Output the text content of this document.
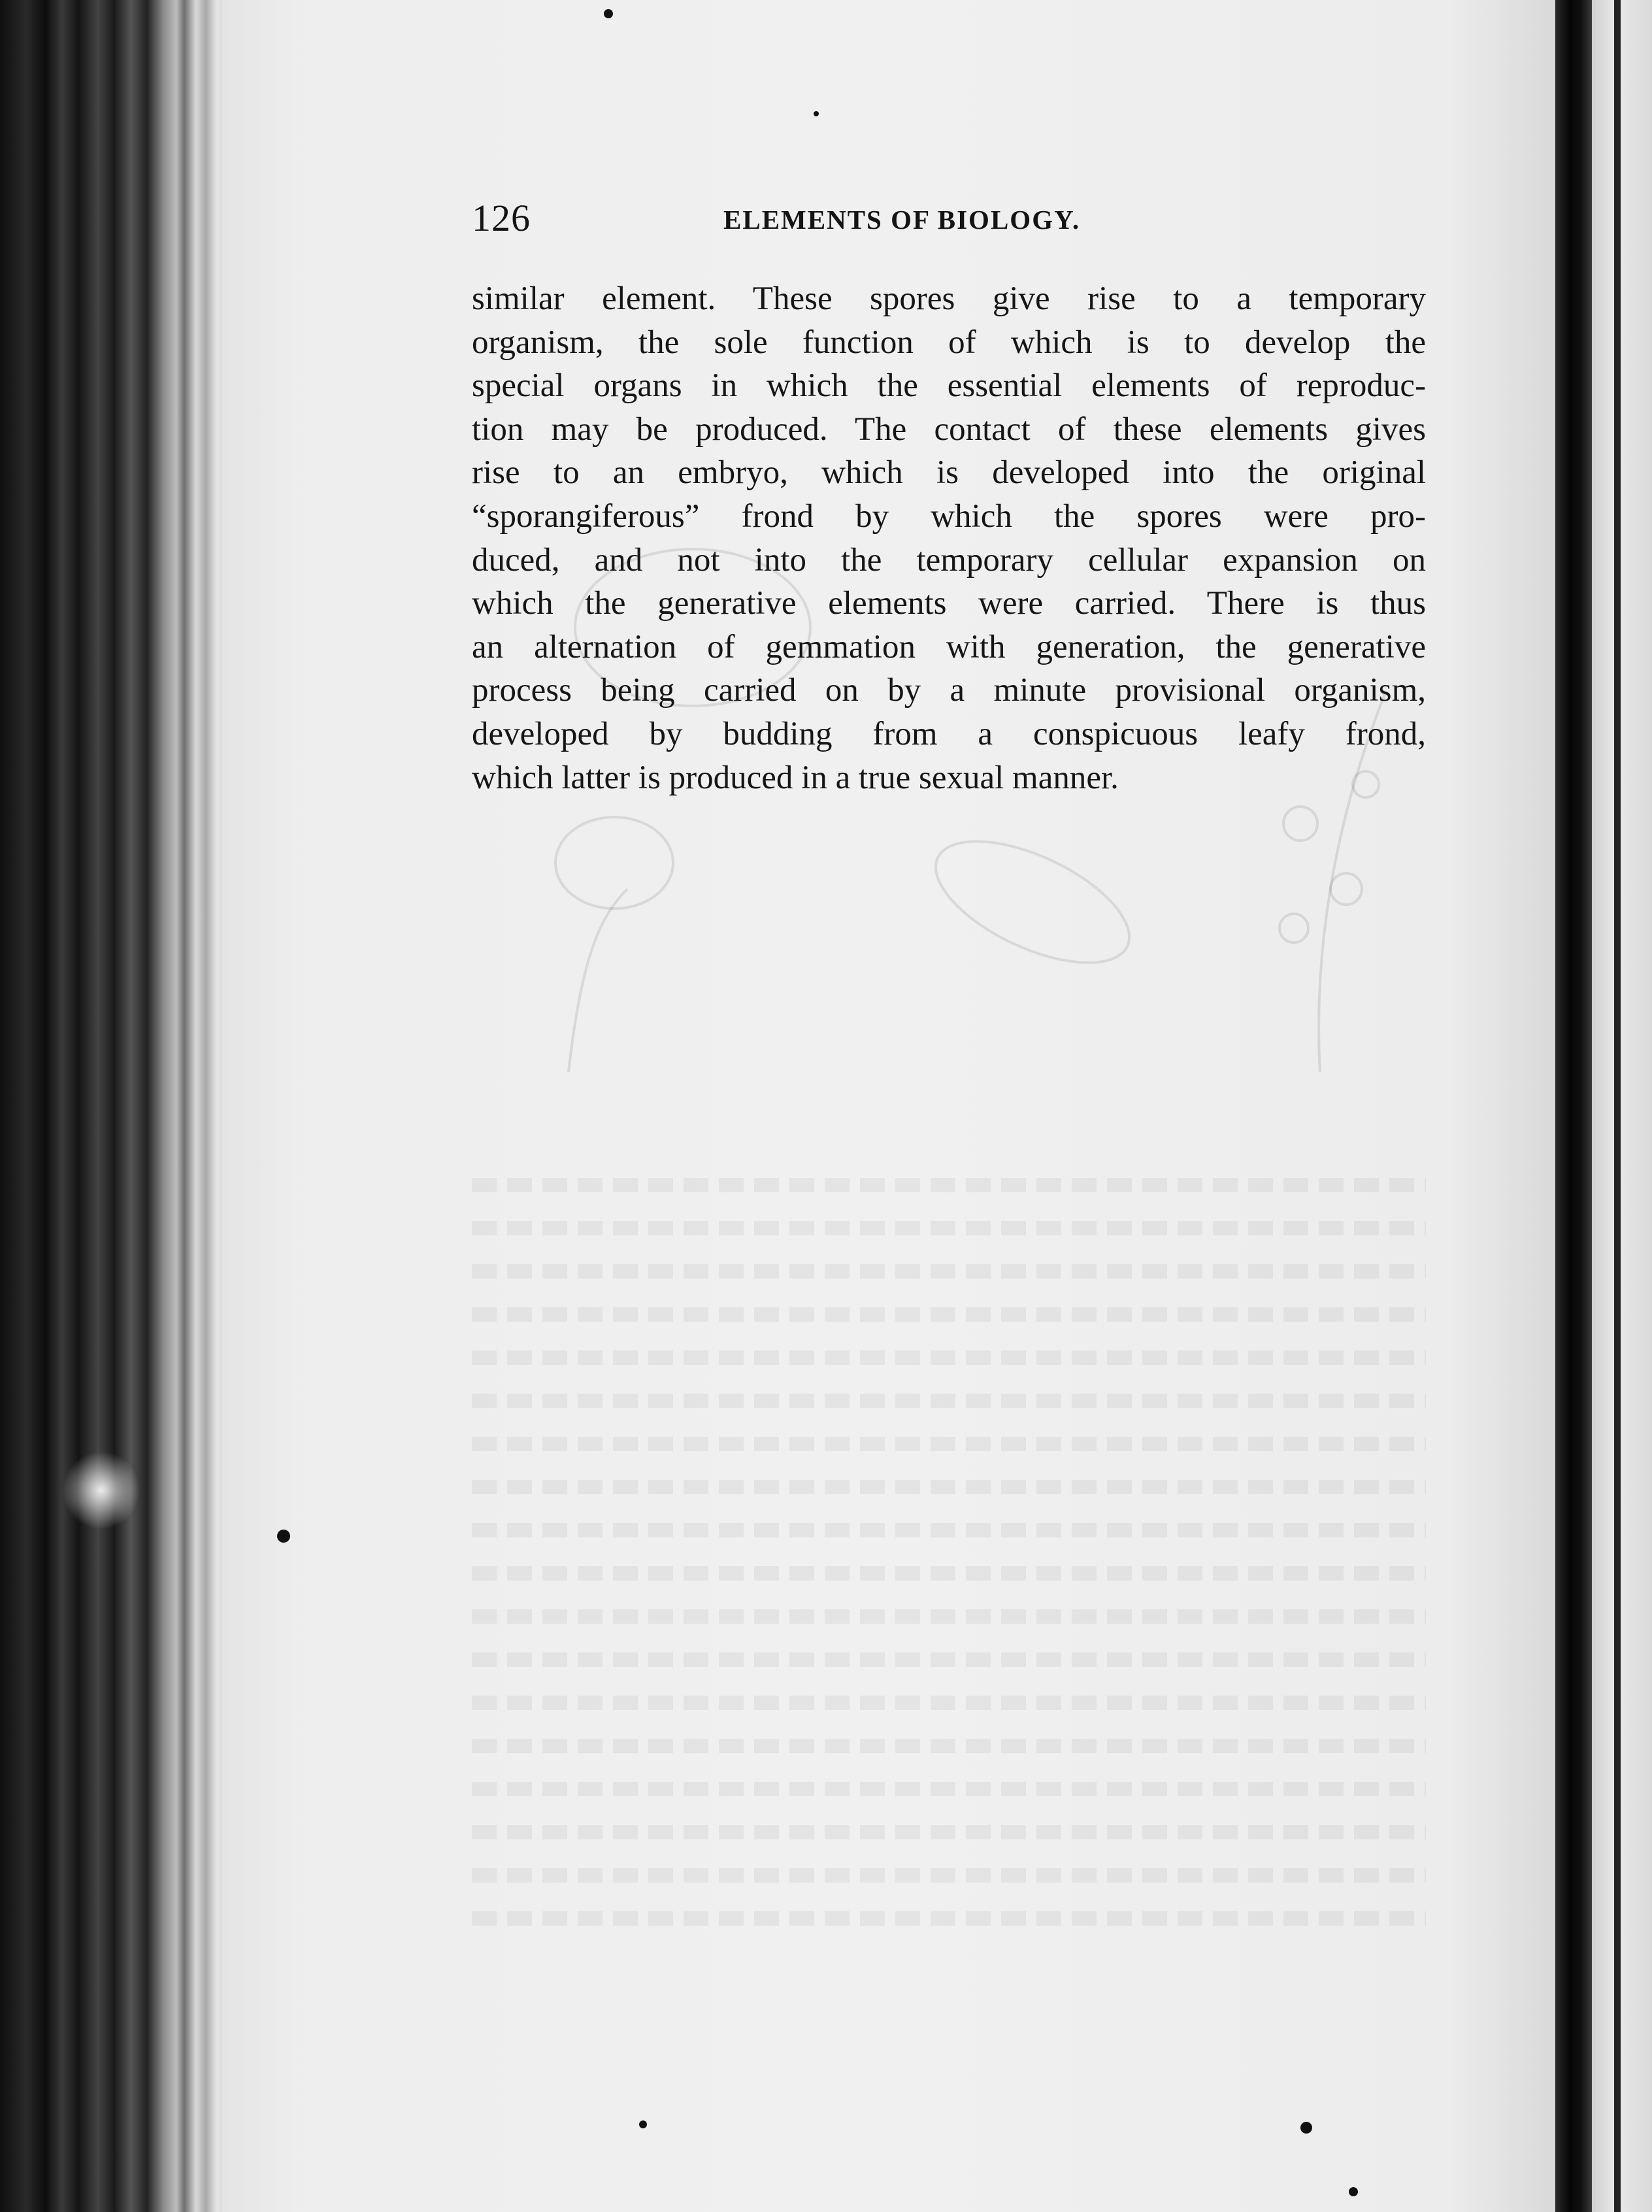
126	ELEMENTS OF BIOLOGY.
similar element. These spores give rise to a temporary
organism, the sole function of which is to develop the
special organs in which the essential elements of reproduc-
tion may be produced. The contact of these elements gives
rise to an embryo, which is developed into the original
“sporangiferous” frond by which the spores were pro-
duced, and not into the temporary cellular expansion on
which the generative elements were carried. There is thus
an alternation of gemmation with generation, the generative
process being carried on by a minute provisional organism,
developed by budding from a conspicuous leafy frond,
which latter is produced in a true sexual manner.
